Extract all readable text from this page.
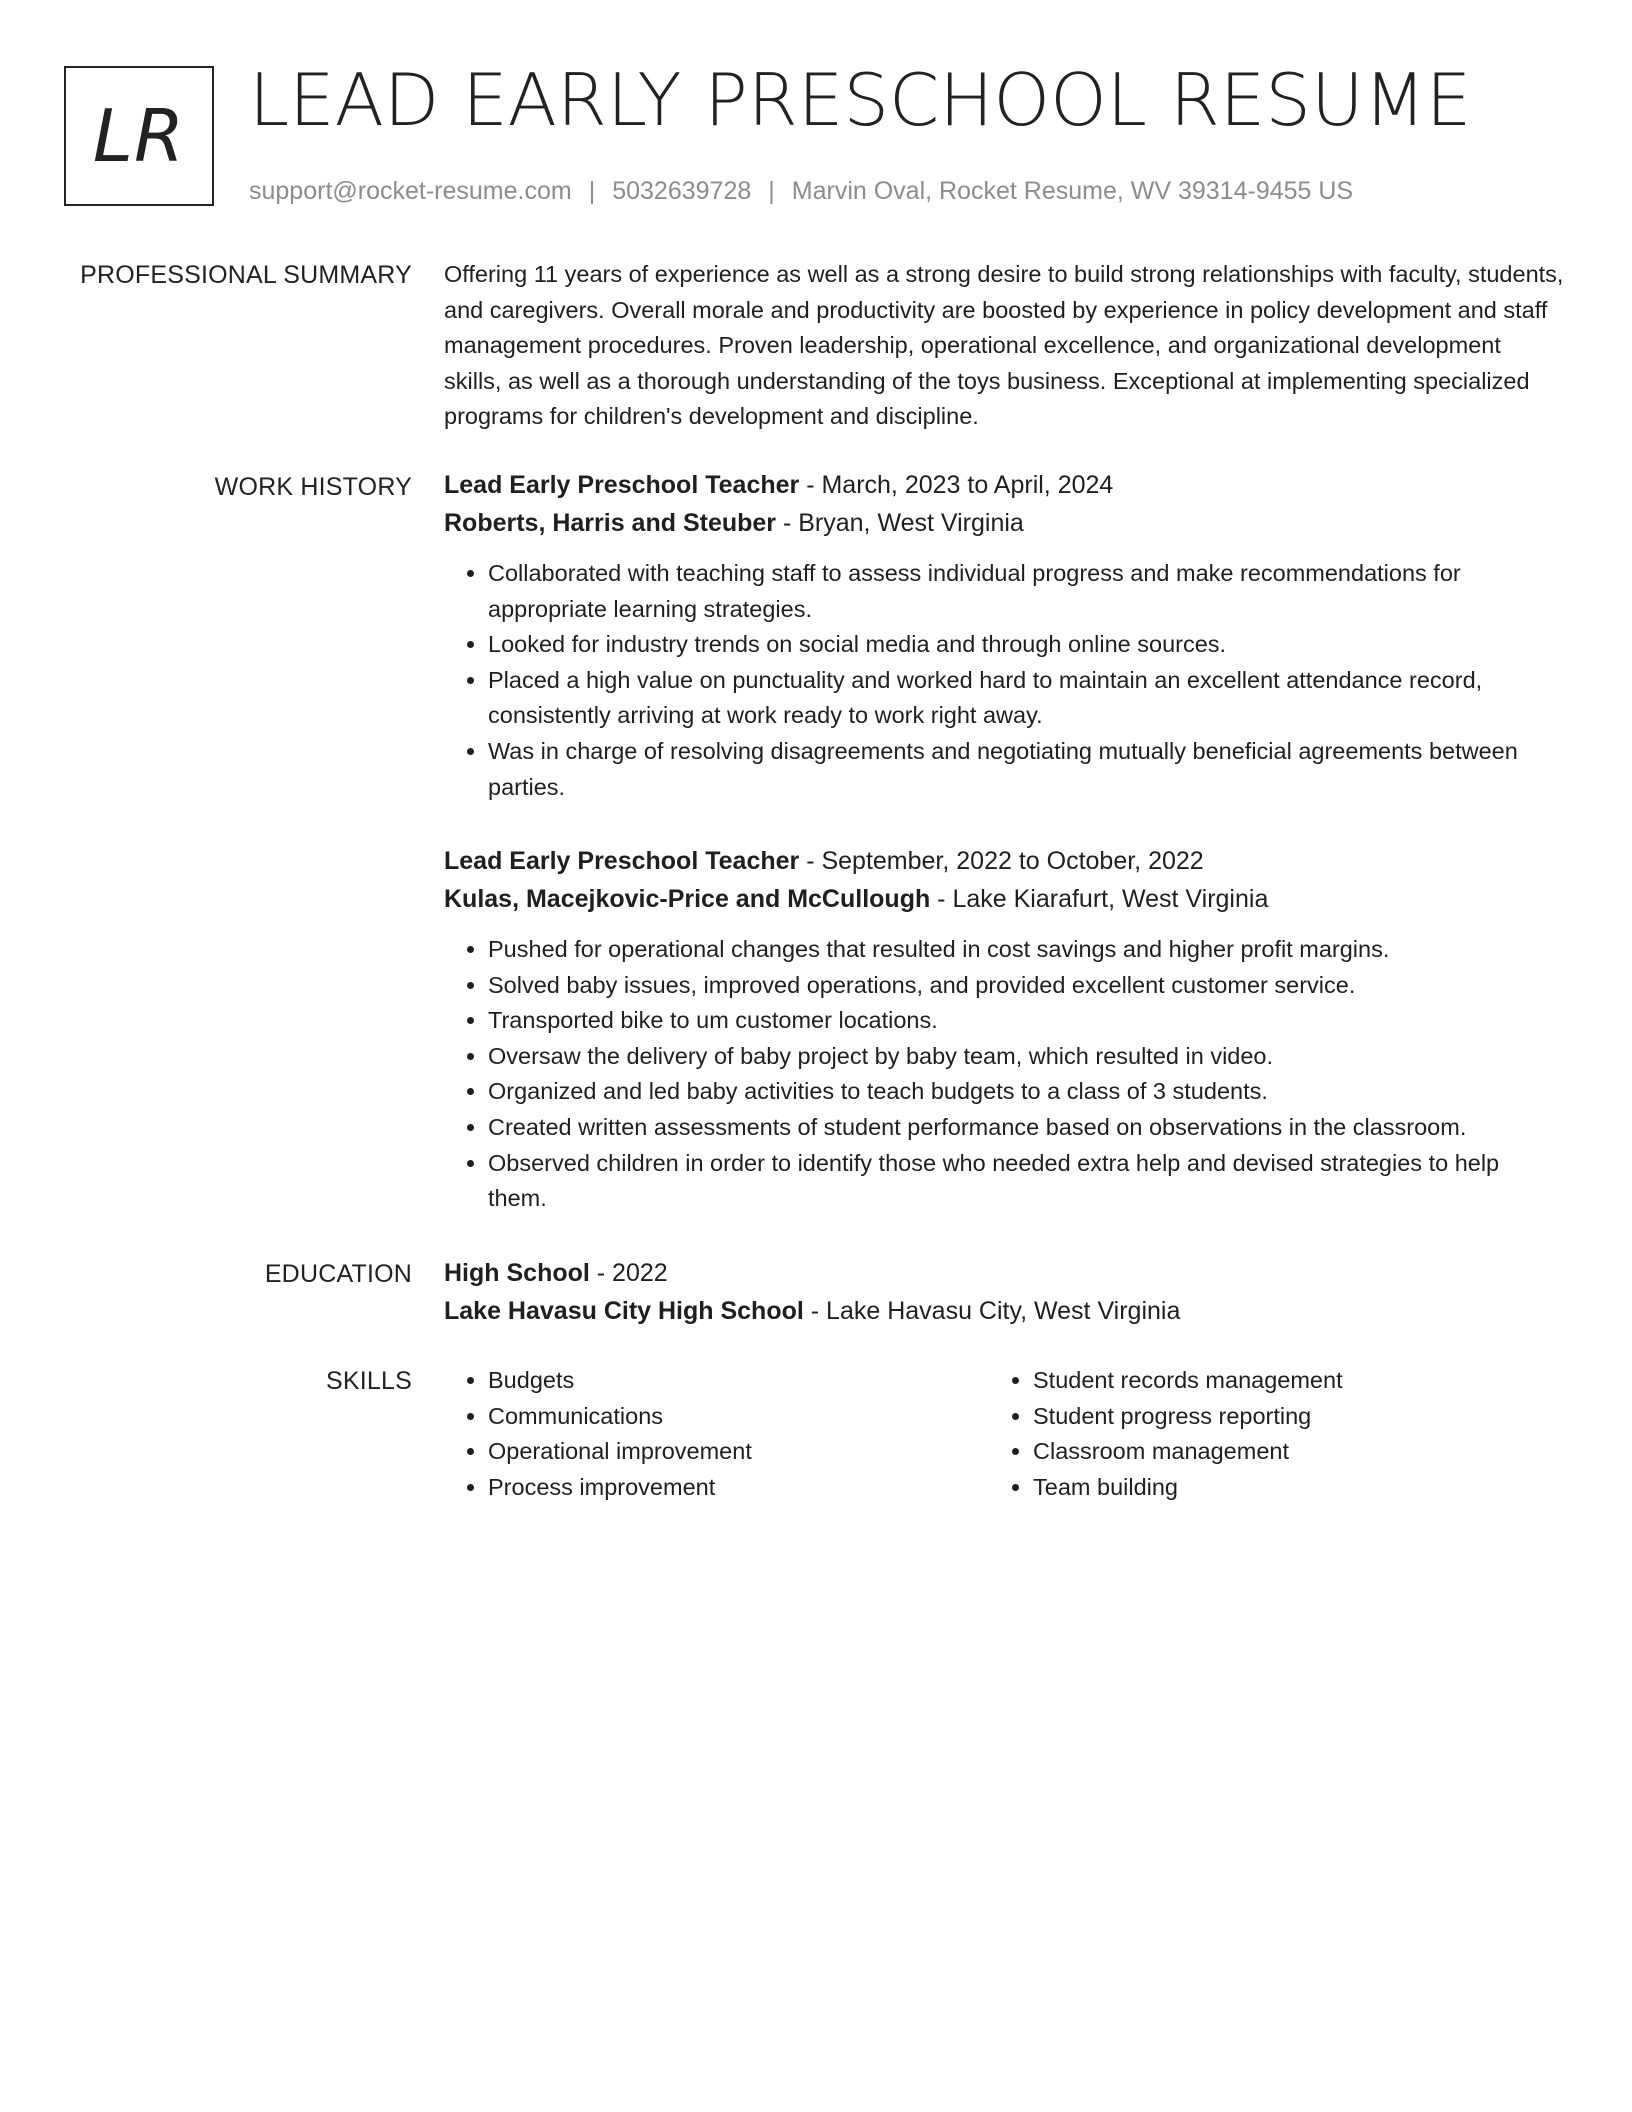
LR LEAD EARLY PRESCHOOL RESUME
support@rocket-resume.com | 5032639728 | Marvin Oval, Rocket Resume, WV 39314-9455 US
PROFESSIONAL SUMMARY Offering 11 years of experience as well as a strong desire to build strong relationships with faculty, students, and caregivers. Overall morale and productivity are boosted by experience in policy development and staff management procedures. Proven leadership, operational excellence, and organizational development skills, as well as a thorough understanding of the toys business. Exceptional at implementing specialized programs for children's development and discipline.

WORK HISTORY Lead Early Preschool Teacher - March, 2023 to April, 2024

Roberts, Harris and Steuber - Bryan, West Virginia

• Collaborated with teaching staff to assess individual progress and make recommendations for appropriate learning strategies.
• Looked for industry trends on social media and through online sources.
• Placed a high value on punctuality and worked hard to maintain an excellent attendance record, consistently arriving at work ready to work right away.
• Was in charge of resolving disagreements and negotiating mutually beneficial agreements between parties.

Lead Early Preschool Teacher - September, 2022 to October, 2022

Kulas, Macejkovic-Price and McCullough - Lake Kiarafurt, West Virginia

• Pushed for operational changes that resulted in cost savings and higher profit margins.
• Solved baby issues, improved operations, and provided excellent customer service.
• Transported bike to um customer locations.
• Oversaw the delivery of baby project by baby team, which resulted in video.
• Organized and led baby activities to teach budgets to a class of 3 students.
• Created written assessments of student performance based on observations in the classroom.
• Observed children in order to identify those who needed extra help and devised strategies to help them.
EDUCATION High School - 2022

Lake Havasu City High School - Lake Havasu City, West Virginia

SKILLS
•	Budgets
• Communications
• Operational improvement
• Process improvement
• Student records management
• Student progress reporting
• Classroom management
• Team building
